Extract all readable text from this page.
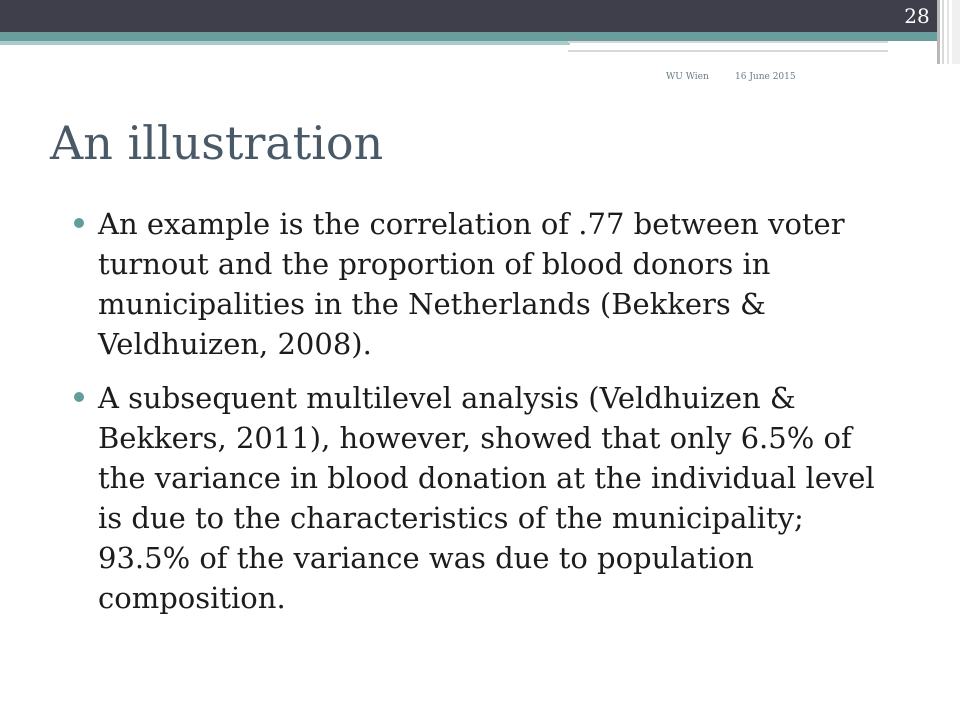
28
WU Wien	16 June 2015
An illustration
An example is the correlation of .77 between voter turnout and the proportion of blood donors in municipalities in the Netherlands (Bekkers & Veldhuizen, 2008).
A subsequent multilevel analysis (Veldhuizen & Bekkers, 2011), however, showed that only 6.5% of the variance in blood donation at the individual level is due to the characteristics of the municipality; 93.5% of the variance was due to population composition.
